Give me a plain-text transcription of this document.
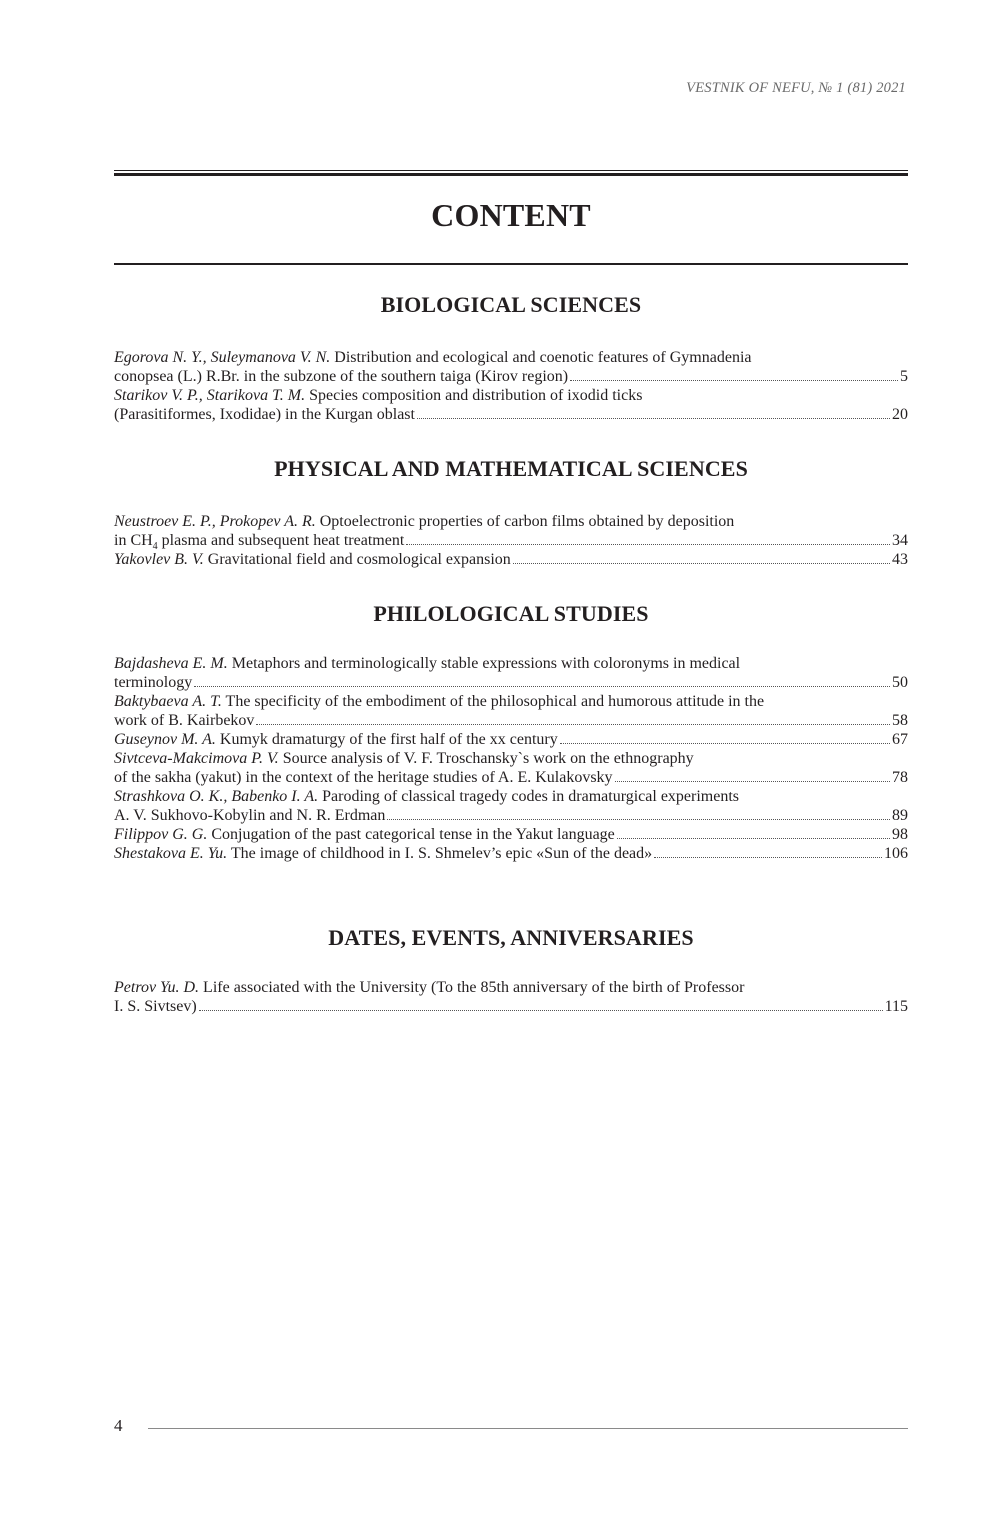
VESTNIK OF NEFU, № 1 (81) 2021
CONTENT
BIOLOGICAL SCIENCES
Egorova N. Y., Suleymanova V. N. Distribution and ecological and coenotic features of Gymnadenia
conopsea (L.) R.Br. in the subzone of the southern taiga (Kirov region)	5
Starikov V. P., Starikova T. M. Species composition and distribution of ixodid ticks
(Parasitiformes, Ixodidae) in the Kurgan oblast	20
PHYSICAL AND MATHEMATICAL SCIENCES
Neustroev E. P., Prokopev A. R. Optoelectronic properties of carbon films obtained by deposition
in $CH_4$ plasma and subsequent heat treatment	34
Yakovlev B. V. Gravitational field and cosmological expansion	43
PHILOLOGICAL STUDIES
Bajdasheva E. M. Metaphors and terminologically stable expressions with coloronyms in medical
terminology	50
Baktybaeva A. T. The specificity of the embodiment of the philosophical and humorous attitude in the
work of B. Kairbekov	58
Guseynov M. A. Kumyk dramaturgy of the first half of the xx century	67
Sivtceva-Makcimova P. V. Source analysis of V. F. Troschansky`s work on the ethnography
of the sakha (yakut) in the context of the heritage studies of A. E. Kulakovsky	78
Strashkova O. K., Babenko I. A. Paroding of classical tragedy codes in dramaturgical experiments
A. V. Sukhovo-Kobylin and N. R. Erdman	89
Filippov G. G. Conjugation of the past categorical tense in the Yakut language	98
Shestakova E. Yu. The image of childhood in I. S. Shmelev’s epic «Sun of the dead»	106
DATES, EVENTS, ANNIVERSARIES
Petrov Yu. D. Life associated with the University (To the 85th anniversary of the birth of Professor
I. S. Sivtsev)	115
4
